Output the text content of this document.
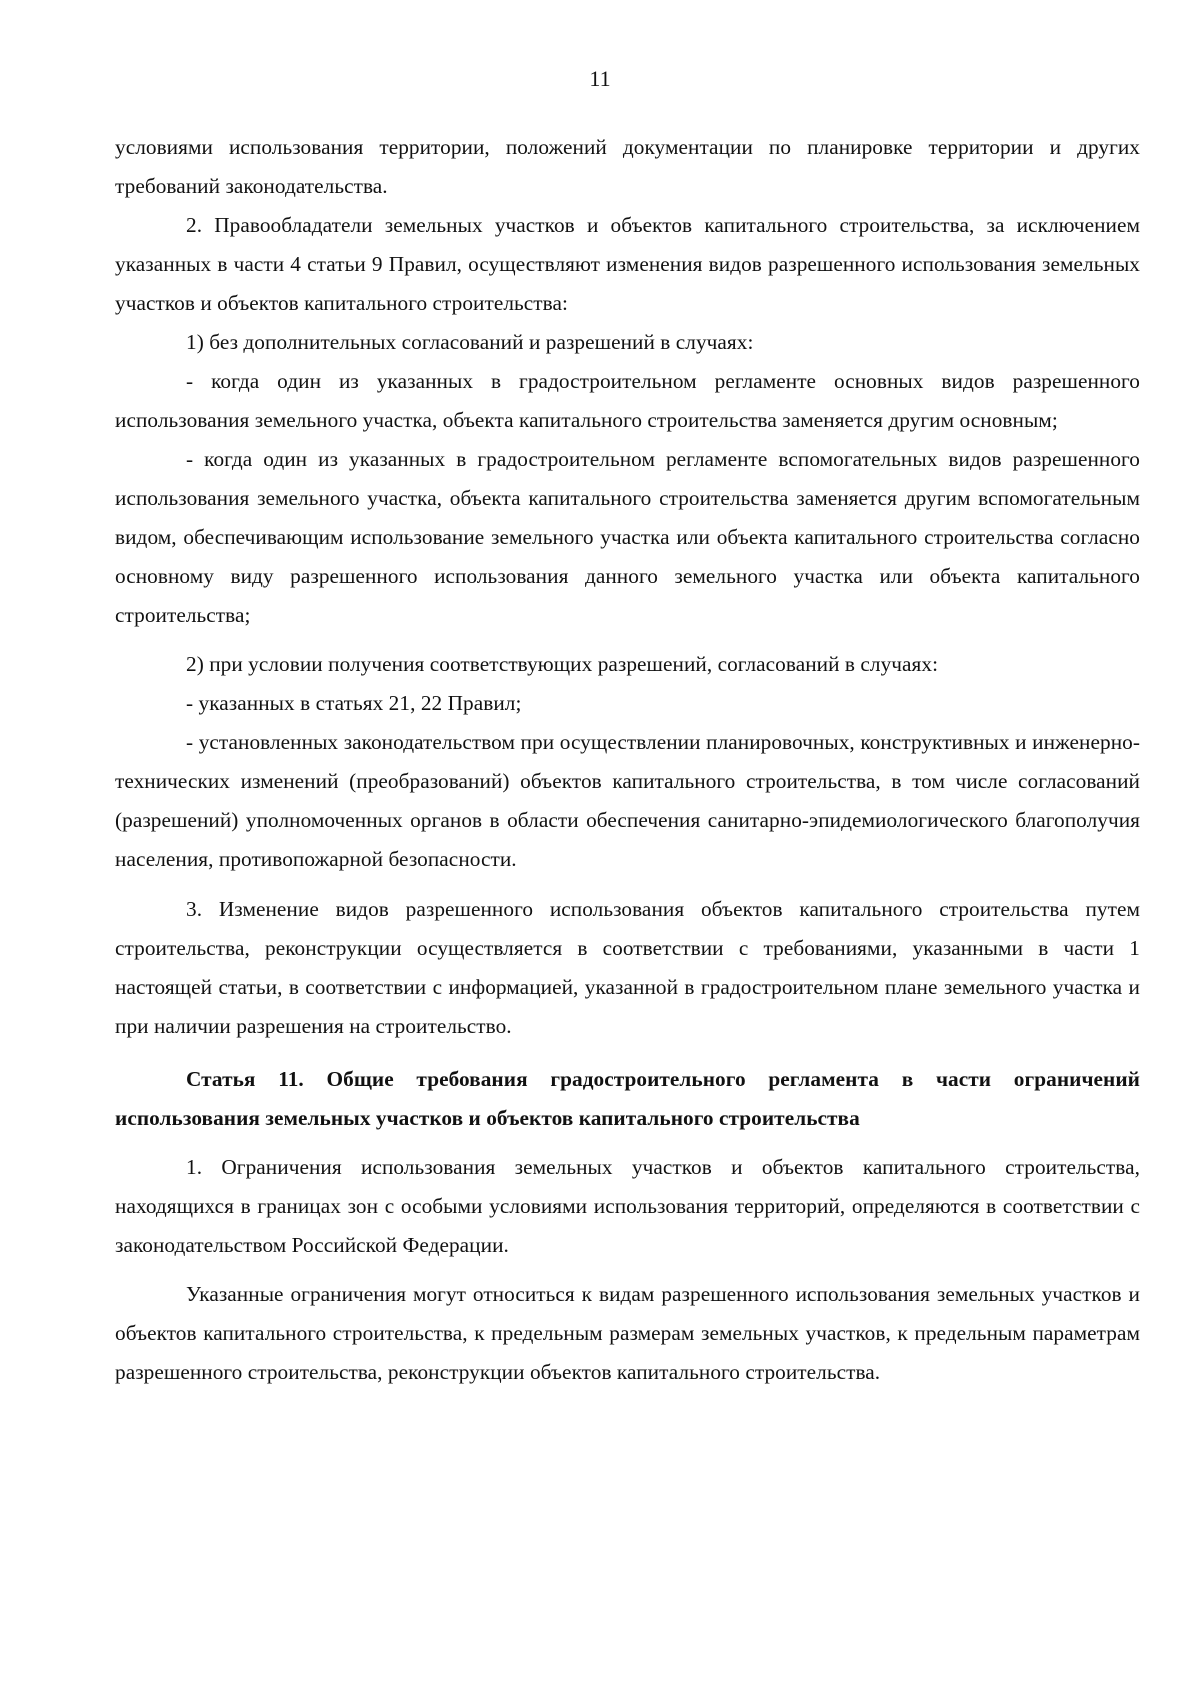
11

условиями использования территории, положений документации по планировке территории и других требований законодательства.

2. Правообладатели земельных участков и объектов капитального строительства, за исключением указанных в части 4 статьи 9 Правил, осуществляют изменения видов разрешенного использования земельных участков и объектов капитального строительства:

1) без дополнительных согласований и разрешений в случаях:

- когда один из указанных в градостроительном регламенте основных видов разрешенного использования земельного участка, объекта капитального строительства заменяется другим основным;

- когда один из указанных в градостроительном регламенте вспомогательных видов разрешенного использования земельного участка, объекта капитального строительства заменяется другим вспомогательным видом, обеспечивающим использование земельного участка или объекта капитального строительства согласно основному виду разрешенного использования данного земельного участка или объекта капитального строительства;

2) при условии получения соответствующих разрешений, согласований в случаях:

- указанных в статьях 21, 22 Правил;

- установленных законодательством при осуществлении планировочных, конструктивных и инженерно-технических изменений (преобразований) объектов капитального строительства, в том числе согласований (разрешений) уполномоченных органов в области обеспечения санитарно-эпидемиологического благополучия населения, противопожарной безопасности.

3. Изменение видов разрешенного использования объектов капитального строительства путем строительства, реконструкции осуществляется в соответствии с требованиями, указанными в части 1 настоящей статьи, в соответствии с информацией, указанной в градостроительном плане земельного участка и при наличии разрешения на строительство.

Статья 11. Общие требования градостроительного регламента в части ограничений использования земельных участков и объектов капитального строительства

1. Ограничения использования земельных участков и объектов капитального строительства, находящихся в границах зон с особыми условиями использования территорий, определяются в соответствии с законодательством Российской Федерации.

Указанные ограничения могут относиться к видам разрешенного использования земельных участков и объектов капитального строительства, к предельным размерам земельных участков, к предельным параметрам разрешенного строительства, реконструкции объектов капитального строительства.
